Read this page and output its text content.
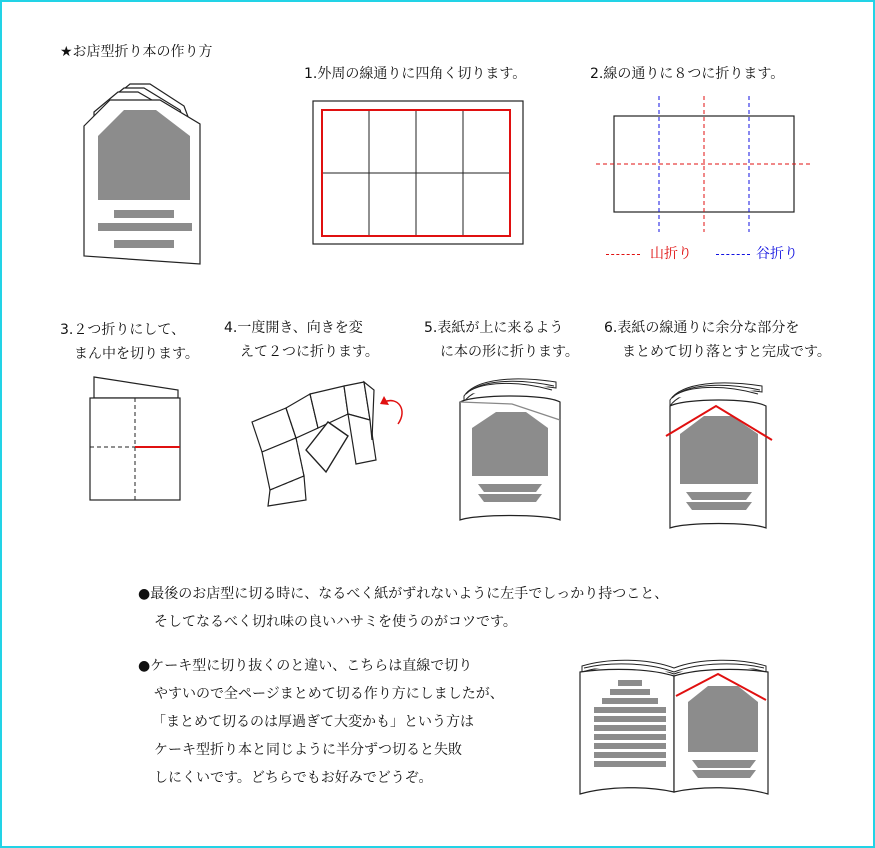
★お店型折り本の作り方
1.外周の線通りに四角く切ります。	2.線の通りに８つに折ります。
山折り	谷折り
3.２つ折りにして、
まん中を切ります。
4.一度開き、向きを変
えて２つに折ります。
5.表紙が上に来るよう
に本の形に折ります。
6.表紙の線通りに余分な部分を
まとめて切り落とすと完成です。
●最後のお店型に切る時に、なるべく紙がずれないように左手でしっかり持つこと、
そしてなるべく切れ味の良いハサミを使うのがコツです。
●ケーキ型に切り抜くのと違い、こちらは直線で切り
やすいので全ページまとめて切る作り方にしましたが、
「まとめて切るのは厚過ぎて大変かも」という方は
ケーキ型折り本と同じように半分ずつ切ると失敗
しにくいです。どちらでもお好みでどうぞ。
